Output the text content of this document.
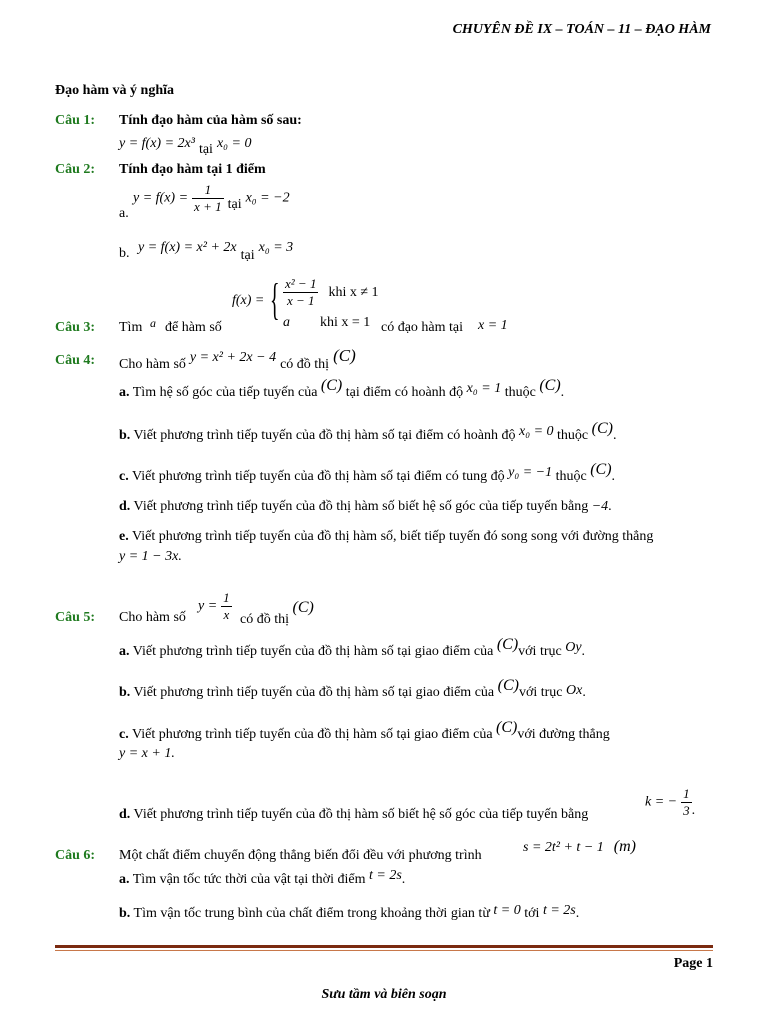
CHUYÊN ĐỀ IX – TOÁN – 11 – ĐẠO HÀM
Đạo hàm và ý nghĩa
Câu 1: Tính đạo hàm của hàm số sau:
y = f(x) = 2x³ tại x₀ = 0
Câu 2: Tính đạo hàm tại 1 điểm
a.
$y = f(x) = \frac{1}{x + 1}$ tại x₀ = −2
b. y = f(x) = x² + 2x tại x₀ = 3
Câu 3: Tìm a để hàm số
f(x) = { $\frac{\text{x² − 1}}{x - 1}$ khi x ≠ 1
a khi x = 1 có đạo hàm tại x = 1
Câu 4: Cho hàm số y = x² + 2x − 4 có đồ thị (C)
a. Tìm hệ số góc của tiếp tuyến của (C) tại điểm có hoành độ x₀ = 1 thuộc (C).
b. Viết phương trình tiếp tuyến của đồ thị hàm số tại điểm có hoành độ x₀ = 0 thuộc (C).
c. Viết phương trình tiếp tuyến của đồ thị hàm số tại điểm có tung độ y₀ = −1 thuộc (C).
d. Viết phương trình tiếp tuyến của đồ thị hàm số biết hệ số góc của tiếp tuyến bằng −4.
e. Viết phương trình tiếp tuyến của đồ thị hàm số, biết tiếp tuyến đó song song với đường thẳng
y = 1 − 3x.
Câu 5: Cho hàm số
$y = \frac{1}{x}$ có đồ thị (C)
a. Viết phương trình tiếp tuyến của đồ thị hàm số tại giao điểm của (C)với trục Oy.
b. Viết phương trình tiếp tuyến của đồ thị hàm số tại giao điểm của (C)với trục Ox.
c. Viết phương trình tiếp tuyến của đồ thị hàm số tại giao điểm của (C)với đường thẳng
y = x + 1.
d. Viết phương trình tiếp tuyến của đồ thị hàm số biết hệ số góc của tiếp tuyến bằng
k = − $\frac{1}{3}$ .
Câu 6: Một chất điểm chuyển động thẳng biến đổi đều với phương trình
s = 2t² + t − 1 (m)
a. Tìm vận tốc tức thời của vật tại thời điểm t = 2s.
b. Tìm vận tốc trung bình của chất điểm trong khoảng thời gian từ t = 0 tới t = 2s.
Page 1
Sưu tầm và biên soạn
